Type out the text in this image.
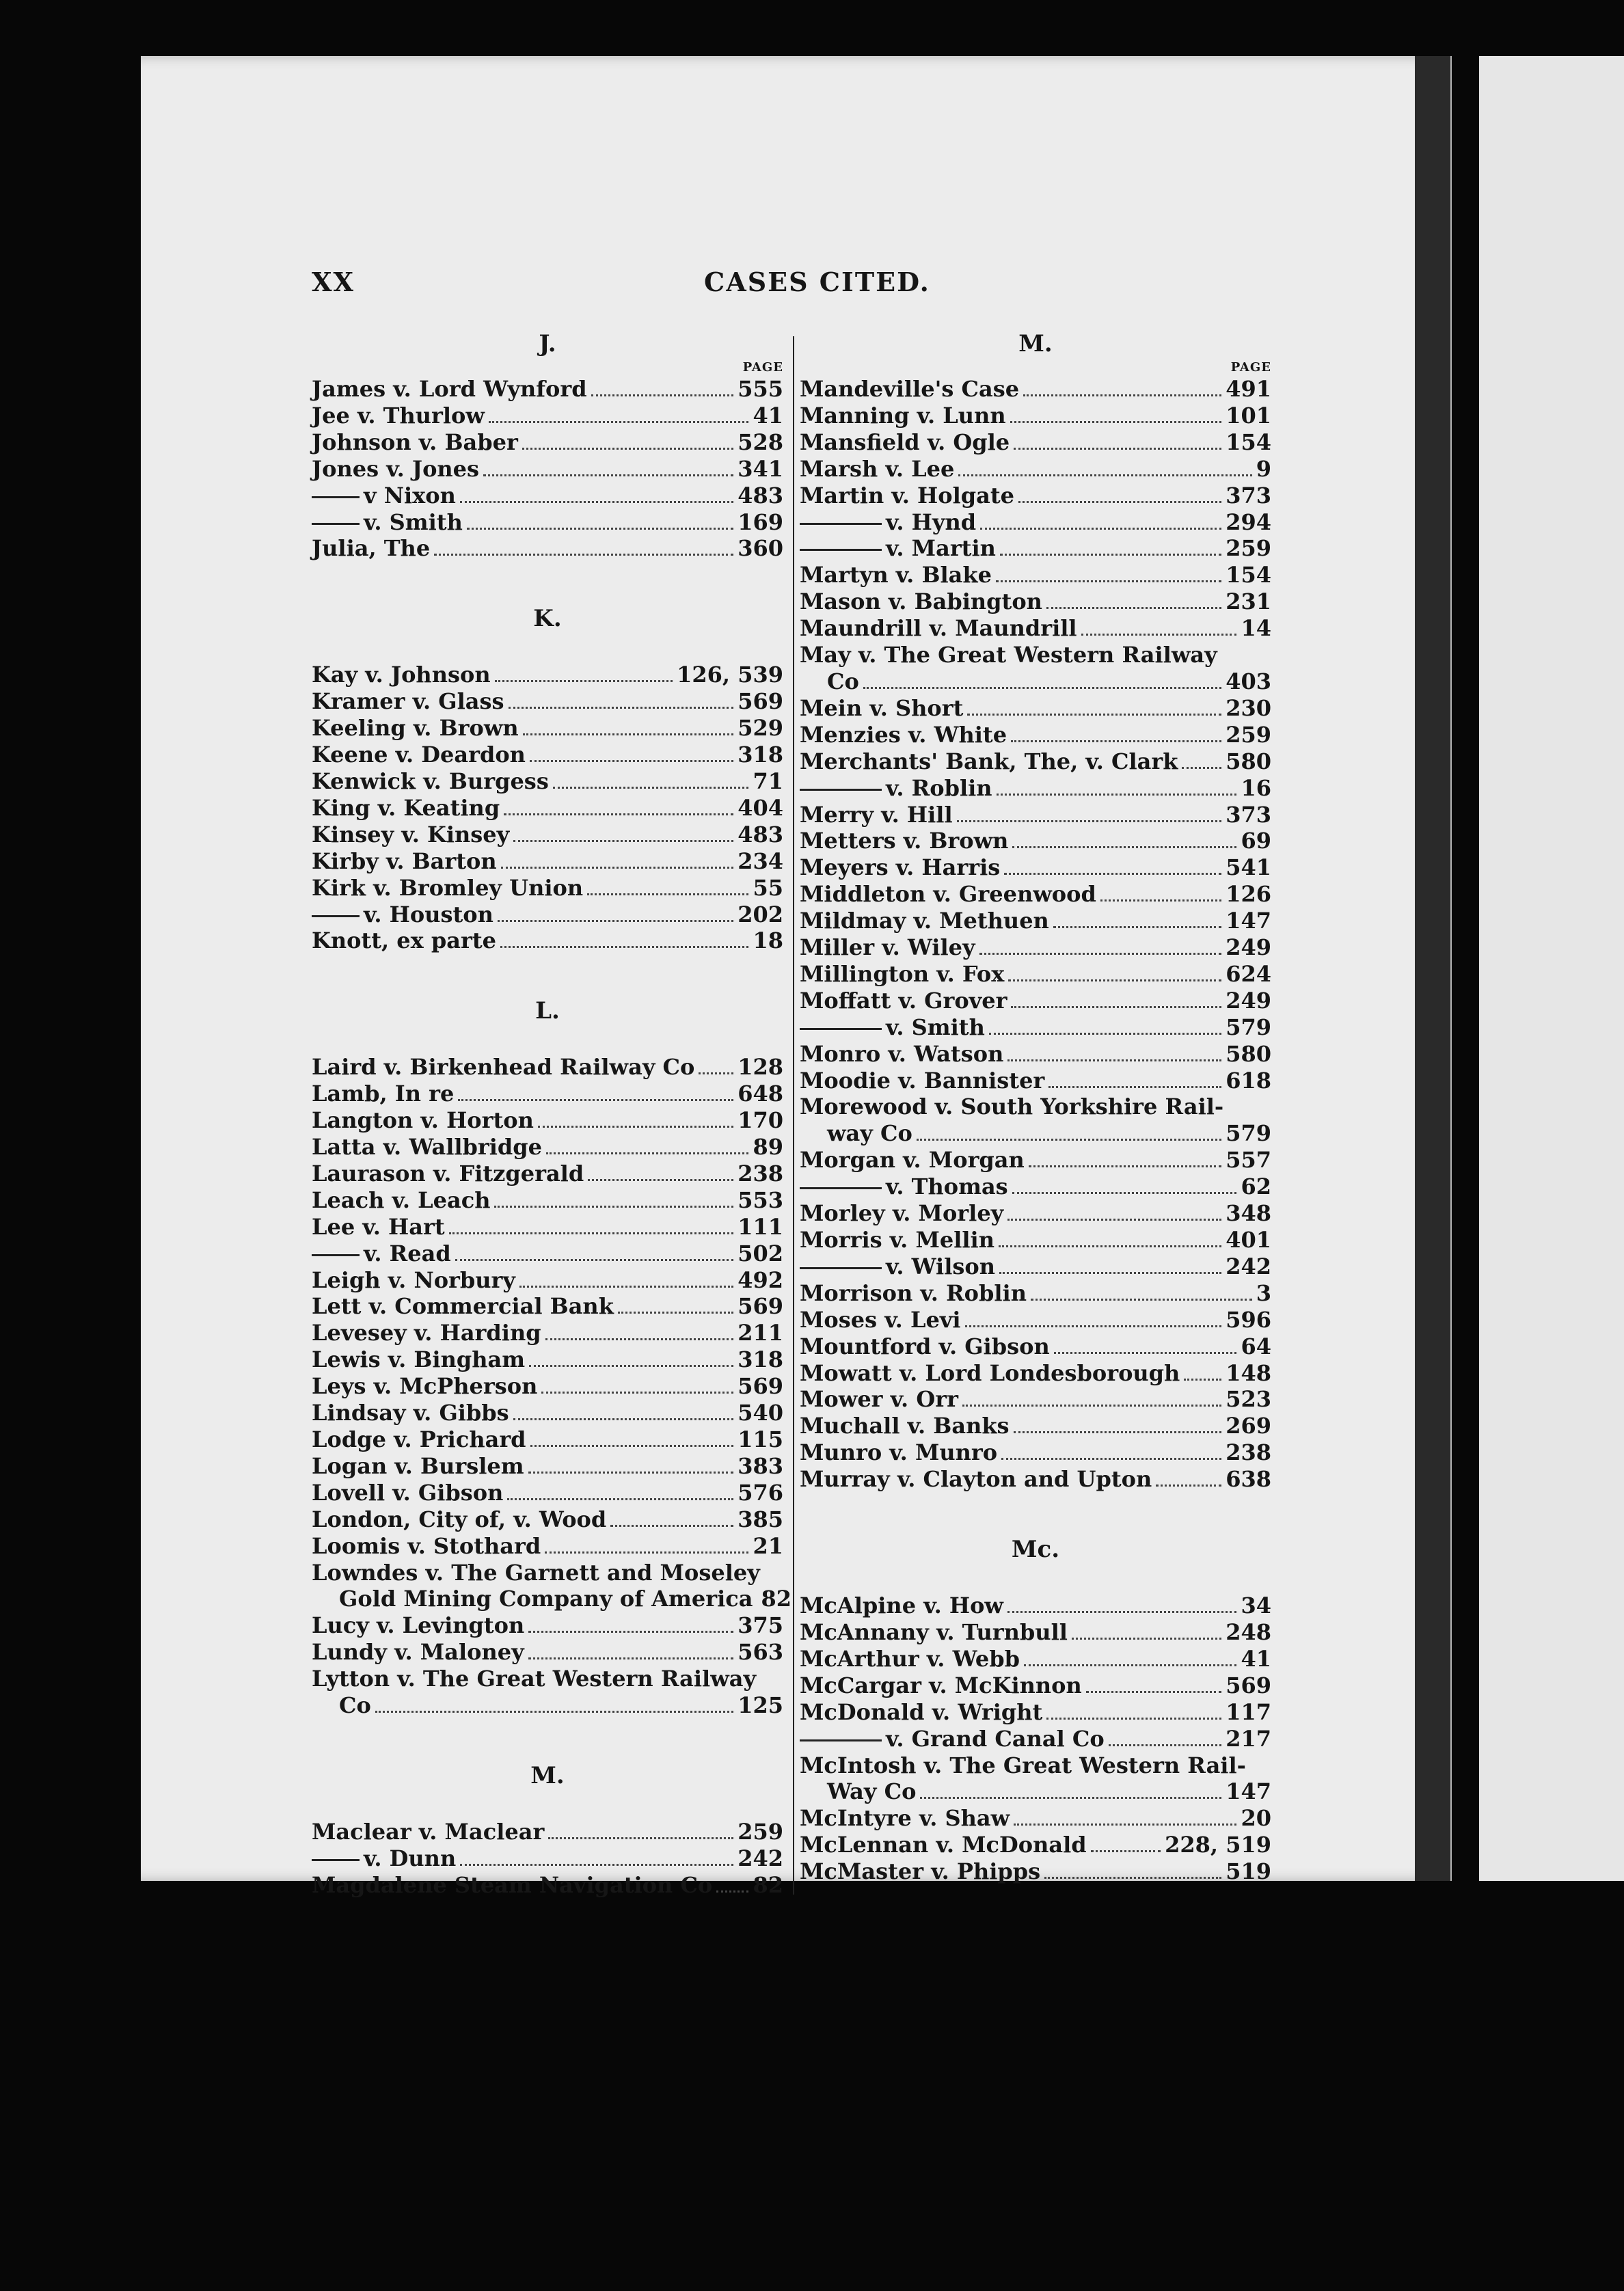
XX	CASES CITED.
J.
PAGE
James v. Lord Wynford	555
Jee v. Thurlow	41
Johnson v. Baber	528
Jones v. Jones	341
v Nixon	483
v. Smith	169
Julia, The	360
K.
Kay v. Johnson	126, 539
Kramer v. Glass	569
Keeling v. Brown	529
Keene v. Deardon	318
Kenwick v. Burgess	71
King v. Keating	404
Kinsey v. Kinsey	483
Kirby v. Barton	234
Kirk v. Bromley Union	55
v. Houston	202
Knott, ex parte	18
L.
Laird v. Birkenhead Railway Co 128
Lamb, In re	648
Langton v. Horton	170
Latta v. Wallbridge	89
Laurason v. Fitzgerald	238
Leach v. Leach	553
Lee v. Hart	111
v. Read	502
Leigh v. Norbury	492
Lett v. Commercial Bank	569
Levesey v. Harding	211
Lewis v. Bingham	318
Leys v. McPherson	569
Lindsay v. Gibbs	540
Lodge v. Prichard	115
Logan v. Burslem	383
Lovell v. Gibson	576
London, City of, v. Wood	385
Loomis v. Stothard	21
Lowndes v. The Garnett and Moseley
Gold Mining Company of America 82
Lucy v. Levington	375
Lundy v. Maloney	563
Lytton v. The Great Western Railway
Co	125
M.
Maclear v. Maclear	259
v. Dunn	242
Magdalene Steam Navigation Co 82
M.
PAGE
Mandeville's Case	491
Manning v. Lunn	101
Mansfield v. Ogle	154
Marsh v. Lee	9
Martin v. Holgate	373
v. Hynd	294
v. Martin	259
Martyn v. Blake	154
Mason v. Babington	231
Maundrill v. Maundrill	14
May v. The Great Western Railway
Co	403
Mein v. Short	230
Menzies v. White	259
Merchants' Bank, The, v. Clark 580
v. Roblin	16
Merry v. Hill	373
Metters v. Brown	69
Meyers v. Harris	541
Middleton v. Greenwood	126
Mildmay v. Methuen	147
Miller v. Wiley	249
Millington v. Fox	624
Moffatt v. Grover	249
v. Smith	579
Monro v. Watson	580
Moodie v. Bannister	618
Morewood v. South Yorkshire Rail-
way Co	579
Morgan v. Morgan	557
v. Thomas	62
Morley v. Morley	348
Morris v. Mellin	401
v. Wilson	242
Morrison v. Roblin	3
Moses v. Levi	596
Mountford v. Gibson	64
Mowatt v. Lord Londesborough 148
Mower v. Orr	523
Muchall v. Banks	269
Munro v. Munro	238
Murray v. Clayton and Upton	638
Mc.
McAlpine v. How	34
McAnnany v. Turnbull	248
McArthur v. Webb	41
McCargar v. McKinnon	569
McDonald v. Wright	117
v. Grand Canal Co	217
McIntosh v. The Great Western Rail-
Way Co	147
McIntyre v. Shaw	20
McLennan v. McDonald	228, 519
McMaster v. Phipps	519
